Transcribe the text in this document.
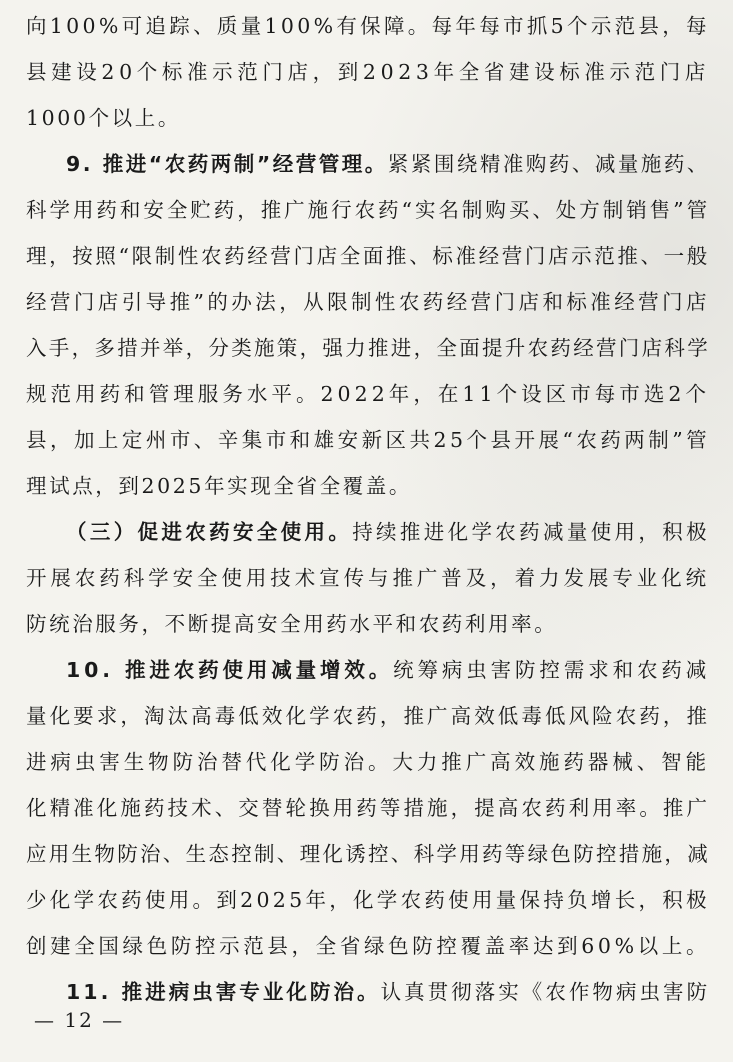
向100%可追踪、质量100%有保障。每年每市抓5个示范县，每
县建设20个标准示范门店，到2023年全省建设标准示范门店
1000个以上。
9. 推进“农药两制”经营管理。 紧紧围绕精准购药、减量施药、
科学用药和安全贮药，推广施行农药“实名制购买、处方制销售”管
理，按照“限制性农药经营门店全面推、标准经营门店示范推、一般
经营门店引导推”的办法，从限制性农药经营门店和标准经营门店
入手，多措并举，分类施策，强力推进，全面提升农药经营门店科学
规范用药和管理服务水平。2022年，在11个设区市每市选2个
县，加上定州市、辛集市和雄安新区共25个县开展“农药两制”管
理试点，到2025年实现全省全覆盖。
（三）促进农药安全使用。 持续推进化学农药减量使用，积极
开展农药科学安全使用技术宣传与推广普及，着力发展专业化统
防统治服务，不断提高安全用药水平和农药利用率。
10. 推进农药使用减量增效。 统筹病虫害防控需求和农药减
量化要求，淘汰高毒低效化学农药，推广高效低毒低风险农药，推
进病虫害生物防治替代化学防治。大力推广高效施药器械、智能
化精准化施药技术、交替轮换用药等措施，提高农药利用率。推广
应用生物防治、生态控制、理化诱控、科学用药等绿色防控措施，减
少化学农药使用。到2025年，化学农药使用量保持负增长，积极
创建全国绿色防控示范县，全省绿色防控覆盖率达到60%以上。
11. 推进病虫害专业化防治。 认真贯彻落实《农作物病虫害防
— 12 —
